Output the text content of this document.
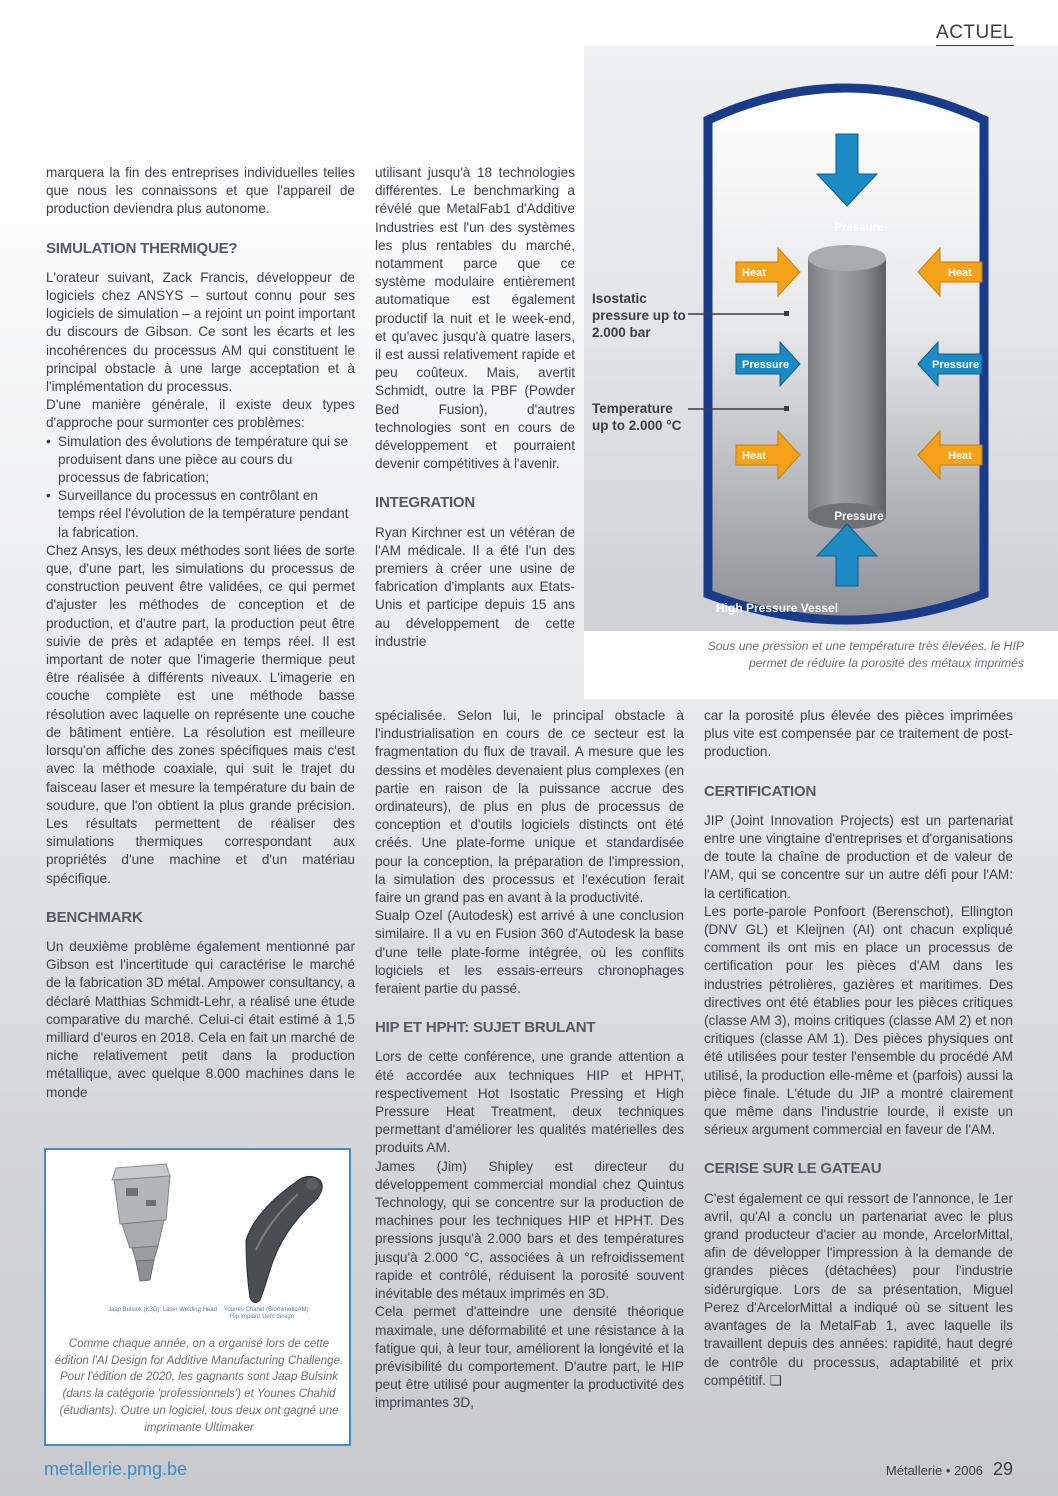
ACTUEL

marquera la fin des entreprises individuelles telles que nous les connaissons et que l'appareil de production deviendra plus autonome.

SIMULATION THERMIQUE?

L'orateur suivant, Zack Francis, développeur de logiciels chez ANSYS – surtout connu pour ses logiciels de simulation – a rejoint un point important du discours de Gibson. Ce sont les écarts et les incohérences du processus AM qui constituent le principal obstacle à une large acceptation et à l'implémentation du processus.

D'une manière générale, il existe deux types d'approche pour surmonter ces problèmes:

• Simulation des évolutions de température qui se produisent dans une pièce au cours du processus de fabrication;
• Surveillance du processus en contrôlant en temps réel l'évolution de la température pendant la fabrication.

Chez Ansys, les deux méthodes sont liées de sorte que, d'une part, les simulations du processus de construction peuvent être validées, ce qui permet d'ajuster les méthodes de conception et de production, et d'autre part, la production peut être suivie de près et adaptée en temps réel. Il est important de noter que l'imagerie thermique peut être réalisée à différents niveaux. L'imagerie en couche complète est une méthode basse résolution avec laquelle on représente une couche de bâtiment entière. La résolution est meilleure lorsqu'on affiche des zones spécifiques mais c'est avec la méthode coaxiale, qui suit le trajet du faisceau laser et mesure la température du bain de soudure, que l'on obtient la plus grande précision. Les résultats permettent de réaliser des simulations thermiques correspondant aux propriétés d'une machine et d'un matériau spécifique.

BENCHMARK

Un deuxième problème également mentionné par Gibson est l'incertitude qui caractérise le marché de la fabrication 3D métal. Ampower consultancy, a déclaré Matthias Schmidt-Lehr, a réalisé une étude comparative du marché. Celui-ci était estimé à 1,5 milliard d'euros en 2018. Cela en fait un marché de niche relativement petit dans la production métallique, avec quelque 8.000 machines dans le monde

utilisant jusqu'à 18 technologies différentes. Le benchmarking a révélé que MetalFab1 d'Additive Industries est l'un des systèmes les plus rentables du marché, notamment parce que ce système modulaire entièrement automatique est également productif la nuit et le week-end, et qu'avec jusqu'à quatre lasers, il est aussi relativement rapide et peu coûteux. Mais, avertit Schmidt, outre la PBF (Powder Bed Fusion), d'autres technologies sont en cours de développement et pourraient devenir compétitives à l'avenir.

INTEGRATION

Ryan Kirchner est un vétéran de l'AM médicale. Il a été l'un des premiers à créer une usine de fabrication d'implants aux Etats-Unis et participe depuis 15 ans au développement de cette industrie

spécialisée. Selon lui, le principal obstacle à l'industrialisation en cours de ce secteur est la fragmentation du flux de travail. A mesure que les dessins et modèles devenaient plus complexes (en partie en raison de la puissance accrue des ordinateurs), de plus en plus de processus de conception et d'outils logiciels distincts ont été créés. Une plate-forme unique et standardisée pour la conception, la préparation de l'impression, la simulation des processus et l'exécution ferait faire un grand pas en avant à la productivité.

Sualp Ozel (Autodesk) est arrivé à une conclusion similaire. Il a vu en Fusion 360 d'Autodesk la base d'une telle plate-forme intégrée, où les conflits logiciels et les essais-erreurs chronophages feraient partie du passé.

HIP ET HPHT: SUJET BRULANT

Lors de cette conférence, une grande attention a été accordée aux techniques HIP et HPHT, respectivement Hot Isostatic Pressing et High Pressure Heat Treatment, deux techniques permettant d'améliorer les qualités matérielles des produits AM.

James (Jim) Shipley est directeur du développement commercial mondial chez Quintus Technology, qui se concentre sur la production de machines pour les techniques HIP et HPHT. Des pressions jusqu'à 2.000 bars et des températures jusqu'à 2.000 °C, associées à un refroidissement rapide et contrôlé, réduisent la porosité souvent inévitable des métaux imprimés en 3D.

Cela permet d'atteindre une densité théorique maximale, une déformabilité et une résistance à la fatigue qui, à leur tour, améliorent la longévité et la prévisibilité du comportement. D'autre part, le HIP peut être utilisé pour augmenter la productivité des imprimantes 3D,

car la porosité plus élevée des pièces imprimées plus vite est compensée par ce traitement de post-production.

CERTIFICATION

JIP (Joint Innovation Projects) est un partenariat entre une vingtaine d'entreprises et d'organisations de toute la chaîne de production et de valeur de l'AM, qui se concentre sur un autre défi pour l'AM: la certification.

Les porte-parole Ponfoort (Berenschot), Ellington (DNV GL) et Kleijnen (AI) ont chacun expliqué comment ils ont mis en place un processus de certification pour les pièces d'AM dans les industries pétrolières, gazières et maritimes. Des directives ont été établies pour les pièces critiques (classe AM 3), moins critiques (classe AM 2) et non critiques (classe AM 1). Des pièces physiques ont été utilisées pour tester l'ensemble du procédé AM utilisé, la production elle-même et (parfois) aussi la pièce finale. L'étude du JIP a montré clairement que même dans l'industrie lourde, il existe un sérieux argument commercial en faveur de l'AM.

CERISE SUR LE GATEAU

C'est également ce qui ressort de l'annonce, le 1er avril, qu'AI a conclu un partenariat avec le plus grand producteur d'acier au monde, ArcelorMittal, afin de développer l'impression à la demande de grandes pièces (détachées) pour l'industrie sidérurgique. Lors de sa présentation, Miguel Perez d'ArcelorMittal a indiqué où se situent les avantages de la MetalFab 1, avec laquelle ils travaillent depuis des années: rapidité, haut degré de contrôle du processus, adaptabilité et prix compétitif. ❑

Pressure
Pressure
Pressure	Pressure
Heat	Heat
Heat	Heat
High Pressure Vessel
Isostatic
pressure up to
2.000 bar
Temperature
up to 2.000 °C
Sous une pression et une température très élevées, le HIP permet de réduire la porosité des métaux imprimés
Jaap Bulsink (K3D): Laser Welding Head Younes Chahid (BiomimeticAM):
Hip implant stem design
Comme chaque année, on a organisé lors de cette édition l'AI Design for Additive Manufacturing Challenge. Pour l'édition de 2020, les gagnants sont Jaap Bulsink (dans la catégorie 'professionnels') et Younes Chahid (étudiants). Outre un logiciel, tous deux ont gagné une imprimante Ultimaker
metallerie.pmg.be	Métallerie • 2006 29
